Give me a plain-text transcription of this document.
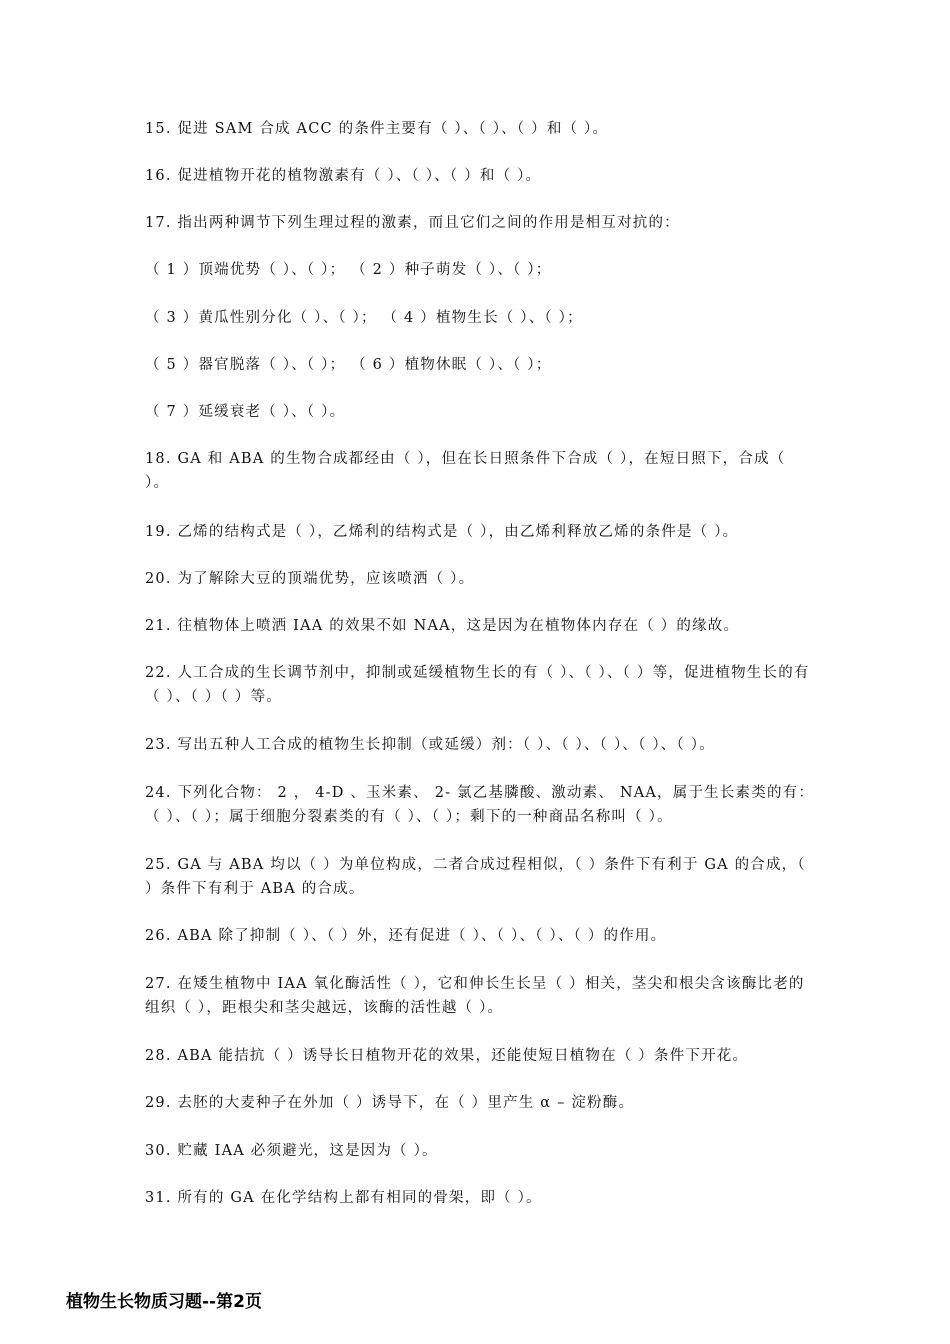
15. 促进 SAM 合成 ACC 的条件主要有（ ）、（ ）、（ ）和（ ）。
16. 促进植物开花的植物激素有（ ）、（ ）、（ ）和（ ）。
17. 指出两种调节下列生理过程的激素，而且它们之间的作用是相互对抗的：
（ 1 ）顶端优势（ ）、（ ）； （ 2 ）种子萌发（ ）、（ ）；
（ 3 ）黄瓜性别分化（ ）、（ ）； （ 4 ）植物生长（ ）、（ ）；
（ 5 ）器官脱落（ ）、（ ）； （ 6 ）植物休眠（ ）、（ ）；
（ 7 ）延缓衰老（ ）、（ ）。
18. GA 和 ABA 的生物合成都经由（ ），但在长日照条件下合成（ ），在短日照下，合成（ ）。
19. 乙烯的结构式是（ ），乙烯利的结构式是（ ），由乙烯利释放乙烯的条件是（ ）。
20. 为了解除大豆的顶端优势，应该喷洒（ ）。
21. 往植物体上喷洒 IAA 的效果不如 NAA，这是因为在植物体内存在（ ）的缘故。
22. 人工合成的生长调节剂中，抑制或延缓植物生长的有（ ）、（ ）、（ ）等，促进植物生长的有（ ）、（ ）（ ）等。
23. 写出五种人工合成的植物生长抑制（或延缓）剂：（ ）、（ ）、（ ）、（ ）、（ ）。
24. 下列化合物： 2 ， 4-D 、玉米素、 2- 氯乙基膦酸、激动素、 NAA，属于生长素类的有：（ ）、（ ）；属于细胞分裂素类的有（ ）、（ ）；剩下的一种商品名称叫（ ）。
25. GA 与 ABA 均以（ ）为单位构成，二者合成过程相似，（ ）条件下有利于 GA 的合成，（ ）条件下有利于 ABA 的合成。
26. ABA 除了抑制（ ）、（ ）外，还有促进（ ）、（ ）、（ ）、（ ）的作用。
27. 在矮生植物中 IAA 氧化酶活性（ ），它和伸长生长呈（ ）相关，茎尖和根尖含该酶比老的组织（ ），距根尖和茎尖越远，该酶的活性越（ ）。
28. ABA 能拮抗（ ）诱导长日植物开花的效果，还能使短日植物在（ ）条件下开花。
29. 去胚的大麦种子在外加（ ）诱导下，在（ ）里产生 α – 淀粉酶。
30. 贮藏 IAA 必须避光，这是因为（ ）。
31. 所有的 GA 在化学结构上都有相同的骨架，即（ ）。
植物生长物质习题--第2页
